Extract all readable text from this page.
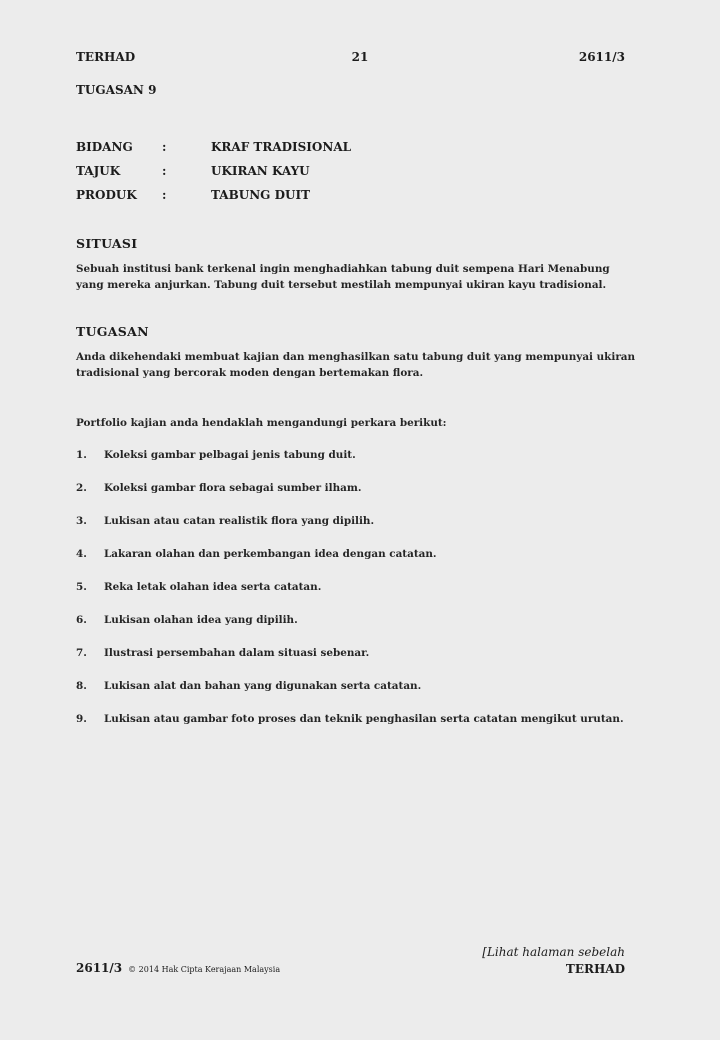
TERHAD	21	2611/3
TUGASAN 9
BIDANG :	KRAF TRADISIONAL
TAJUK	:	UKIRAN KAYU
PRODUK :	TABUNG DUIT
SITUASI
Sebuah institusi bank terkenal ingin menghadiahkan tabung duit sempena Hari Menabung yang mereka anjurkan. Tabung duit tersebut mestilah mempunyai ukiran kayu tradisional.
TUGASAN
Anda dikehendaki membuat kajian dan menghasilkan satu tabung duit yang mempunyai ukiran tradisional yang bercorak moden dengan bertemakan flora.
Portfolio kajian anda hendaklah mengandungi perkara berikut:
1. Koleksi gambar pelbagai jenis tabung duit.
2. Koleksi gambar flora sebagai sumber ilham.
3. Lukisan atau catan realistik flora yang dipilih.
4. Lakaran olahan dan perkembangan idea dengan catatan.
5. Reka letak olahan idea serta catatan.
6. Lukisan olahan idea yang dipilih.
7. Ilustrasi persembahan dalam situasi sebenar.
8. Lukisan alat dan bahan yang digunakan serta catatan.
9. Lukisan atau gambar foto proses dan teknik penghasilan serta catatan mengikut urutan.
[Lihat halaman sebelah
TERHAD
2611/3 © 2014 Hak Cipta Kerajaan Malaysia
